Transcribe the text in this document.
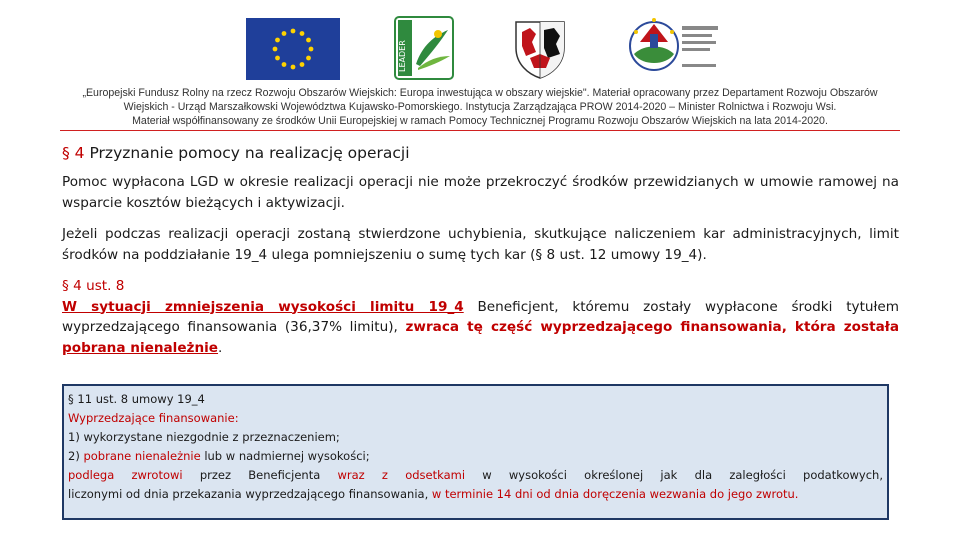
LEADER

„Europejski Fundusz Rolny na rzecz Rozwoju Obszarów Wiejskich: Europa inwestująca w obszary wiejskie". Materiał opracowany przez Departament Rozwoju Obszarów

Wiejskich - Urząd Marszałkowski Województwa Kujawsko-Pomorskiego. Instytucja Zarządzająca PROW 2014-2020 – Minister Rolnictwa i Rozwoju Wsi.

Materiał współfinansowany ze środków Unii Europejskiej w ramach Pomocy Technicznej Programu Rozwoju Obszarów Wiejskich na lata 2014-2020.

§ 4 Przyznanie pomocy na realizację operacji

Pomoc wypłacona LGD w okresie realizacji operacji nie może przekroczyć środków przewidzianych w umowie ramowej na wsparcie kosztów bieżących i aktywizacji.

Jeżeli podczas realizacji operacji zostaną stwierdzone uchybienia, skutkujące naliczeniem kar administracyjnych, limit środków na poddziałanie 19_4 ulega pomniejszeniu o sumę tych kar (§ 8 ust. 12 umowy 19_4).

§ 4 ust. 8

W sytuacji zmniejszenia wysokości limitu 19_4 Beneficjent, któremu zostały wypłacone środki tytułem wyprzedzającego finansowania (36,37% limitu), zwraca tę część wyprzedzającego finansowania, która została pobrana nienależnie.

§ 11 ust. 8 umowy 19_4

Wyprzedzające finansowanie:

1) wykorzystane niezgodnie z przeznaczeniem;

2) pobrane nienależnie lub w nadmiernej wysokości;

podlega zwrotowi przez Beneficjenta wraz z odsetkami w wysokości określonej jak dla zaległości podatkowych,

liczonymi od dnia przekazania wyprzedzającego finansowania, w terminie 14 dni od dnia doręczenia wezwania do jego zwrotu.
